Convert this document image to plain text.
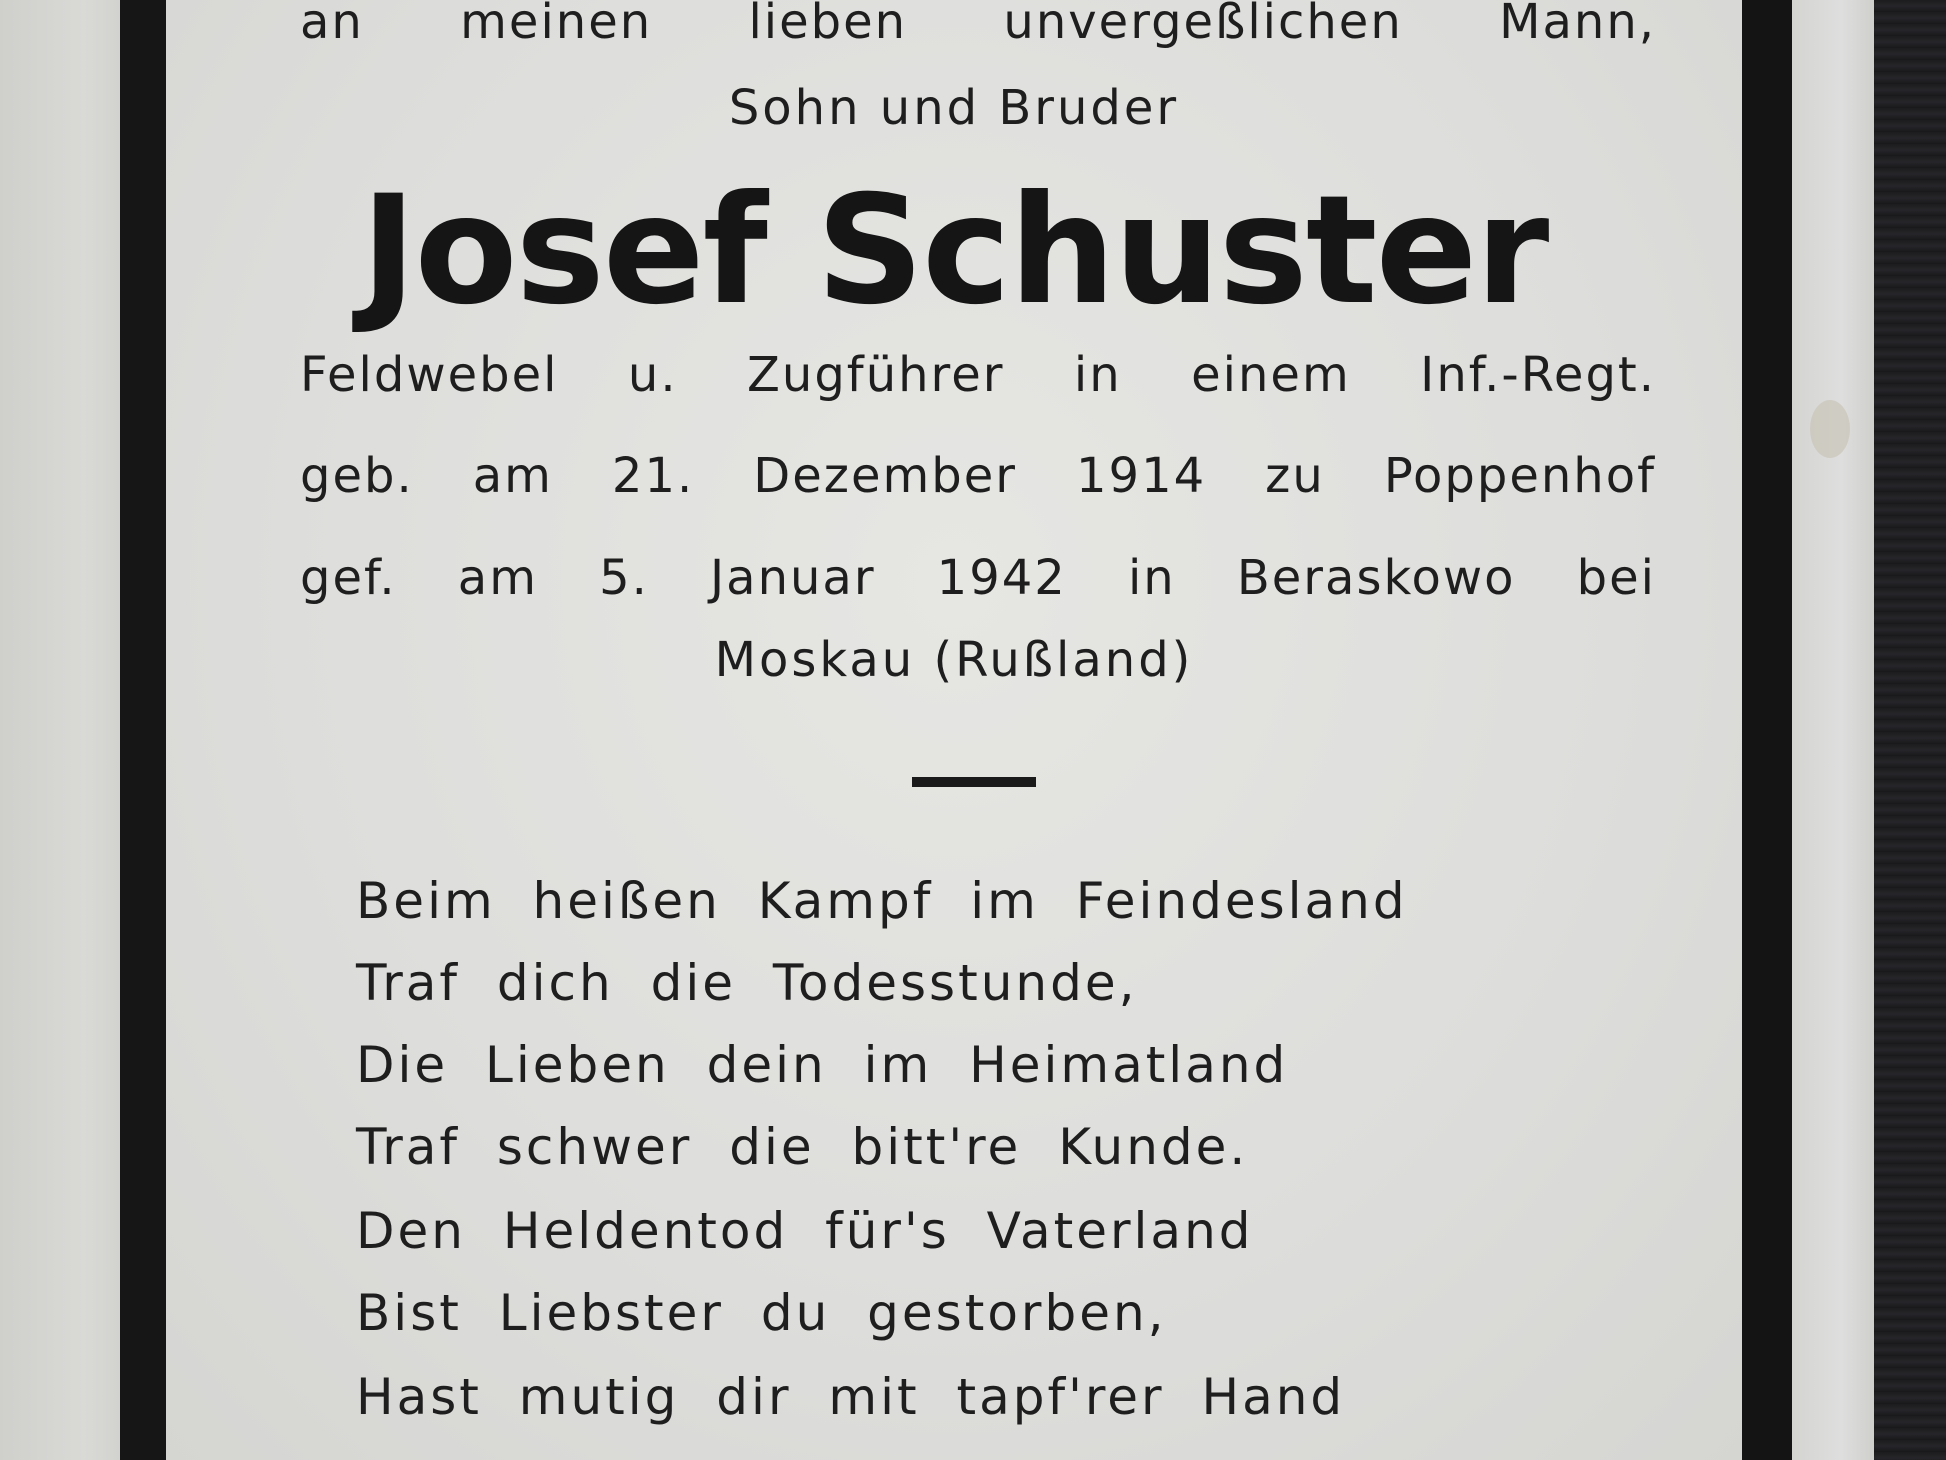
an meinen lieben unvergeßlichen Mann,

Sohn und Bruder

Josef Schuster

Feldwebel u. Zugführer in einem Inf.-Regt.

geb. am 21. Dezember 1914 zu Poppenhof

gef. am 5. Januar 1942 in Beraskowo bei

Moskau (Rußland)

Beim heißen Kampf im Feindesland

Traf dich die Todesstunde,

Die Lieben dein im Heimatland

Traf schwer die bitt're Kunde.

Den Heldentod für's Vaterland

Bist Liebster du gestorben,

Hast mutig dir mit tapf'rer Hand
